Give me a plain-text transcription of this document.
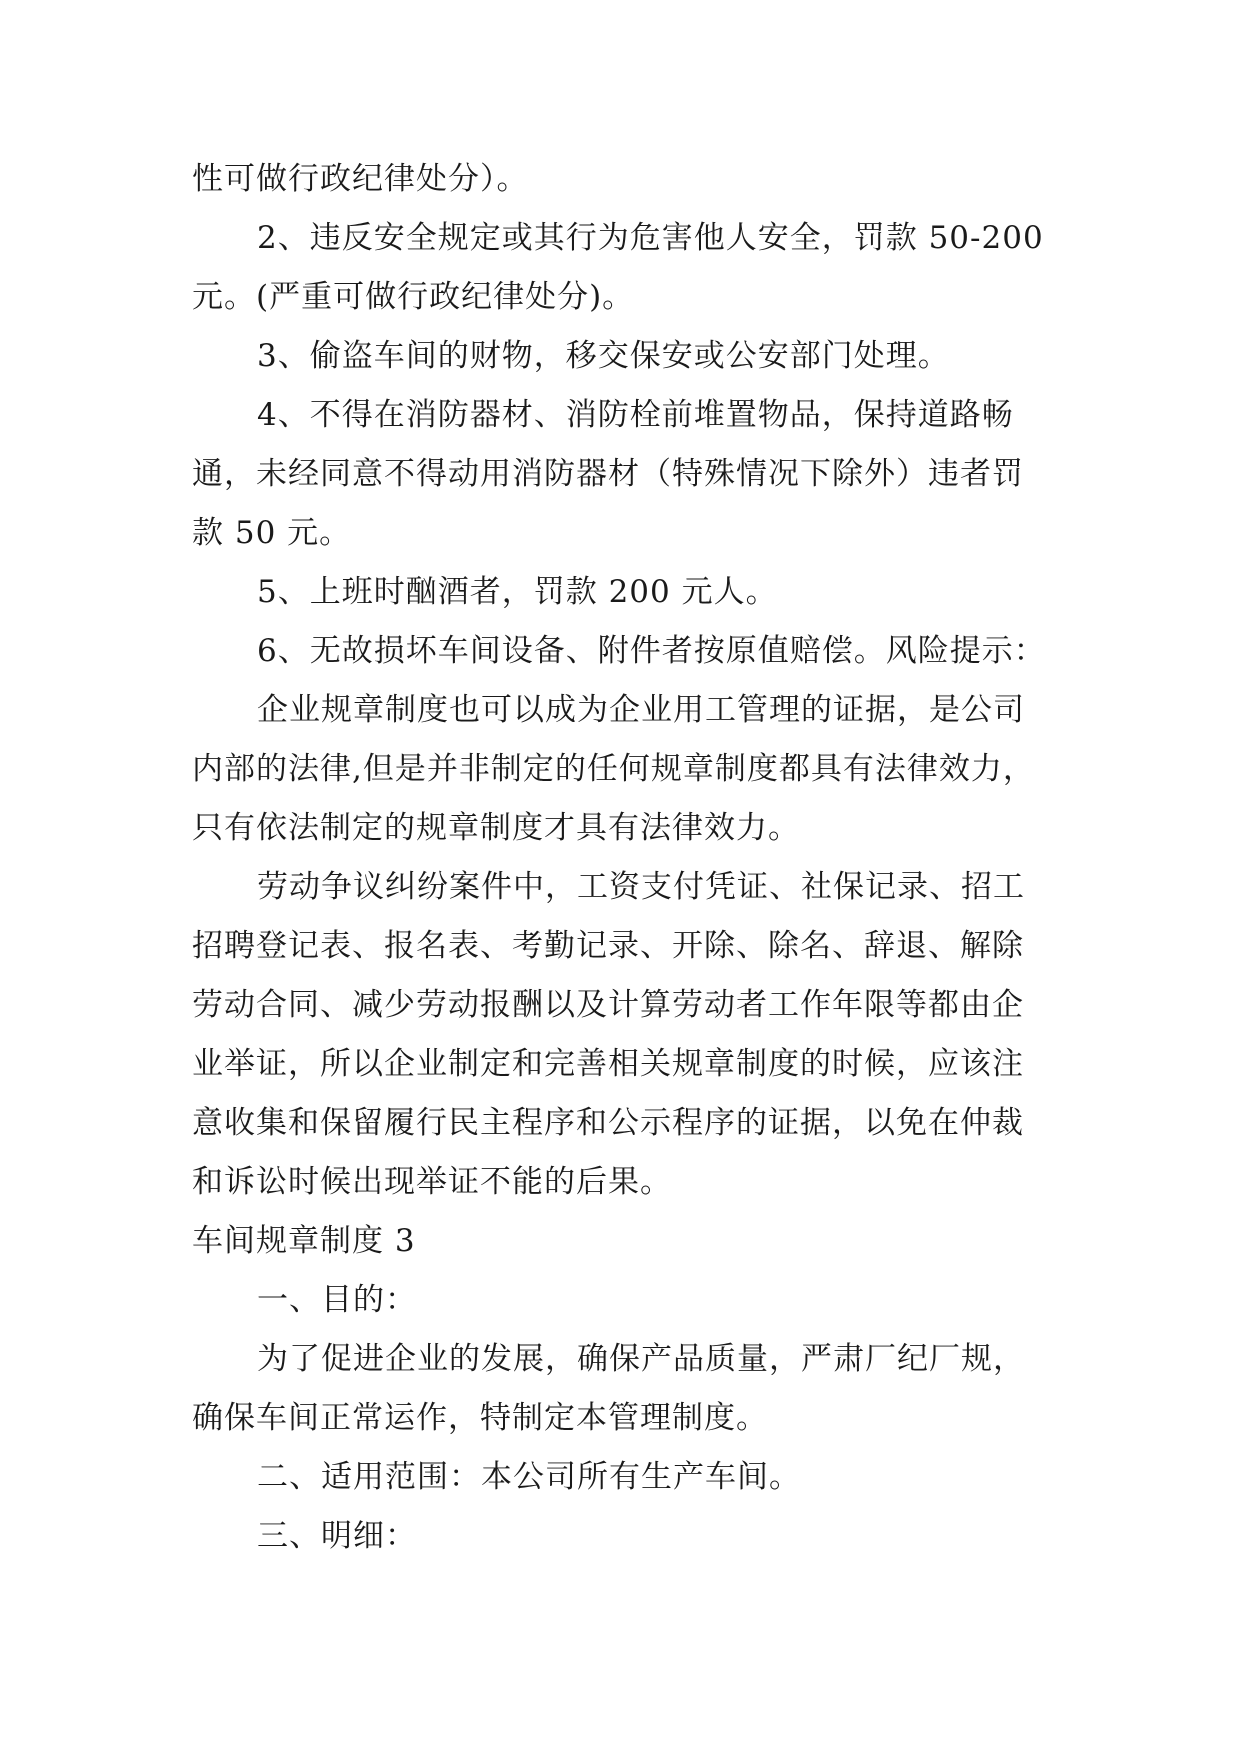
性可做行政纪律处分）。
2、违反安全规定或其行为危害他人安全，罚款 50-200
元。(严重可做行政纪律处分)。
3、偷盗车间的财物，移交保安或公安部门处理。
4、不得在消防器材、消防栓前堆置物品，保持道路畅
通，未经同意不得动用消防器材（特殊情况下除外）违者罚
款 50 元。
5、上班时酗酒者，罚款 200 元人。
6、无故损坏车间设备、附件者按原值赔偿。风险提示：
企业规章制度也可以成为企业用工管理的证据，是公司
内部的法律,但是并非制定的任何规章制度都具有法律效力，
只有依法制定的规章制度才具有法律效力。
劳动争议纠纷案件中，工资支付凭证、社保记录、招工
招聘登记表、报名表、考勤记录、开除、除名、辞退、解除
劳动合同、减少劳动报酬以及计算劳动者工作年限等都由企
业举证，所以企业制定和完善相关规章制度的时候，应该注
意收集和保留履行民主程序和公示程序的证据，以免在仲裁
和诉讼时候出现举证不能的后果。
车间规章制度 3
一、目的：
为了促进企业的发展，确保产品质量，严肃厂纪厂规，
确保车间正常运作，特制定本管理制度。
二、适用范围：本公司所有生产车间。
三、明细：
